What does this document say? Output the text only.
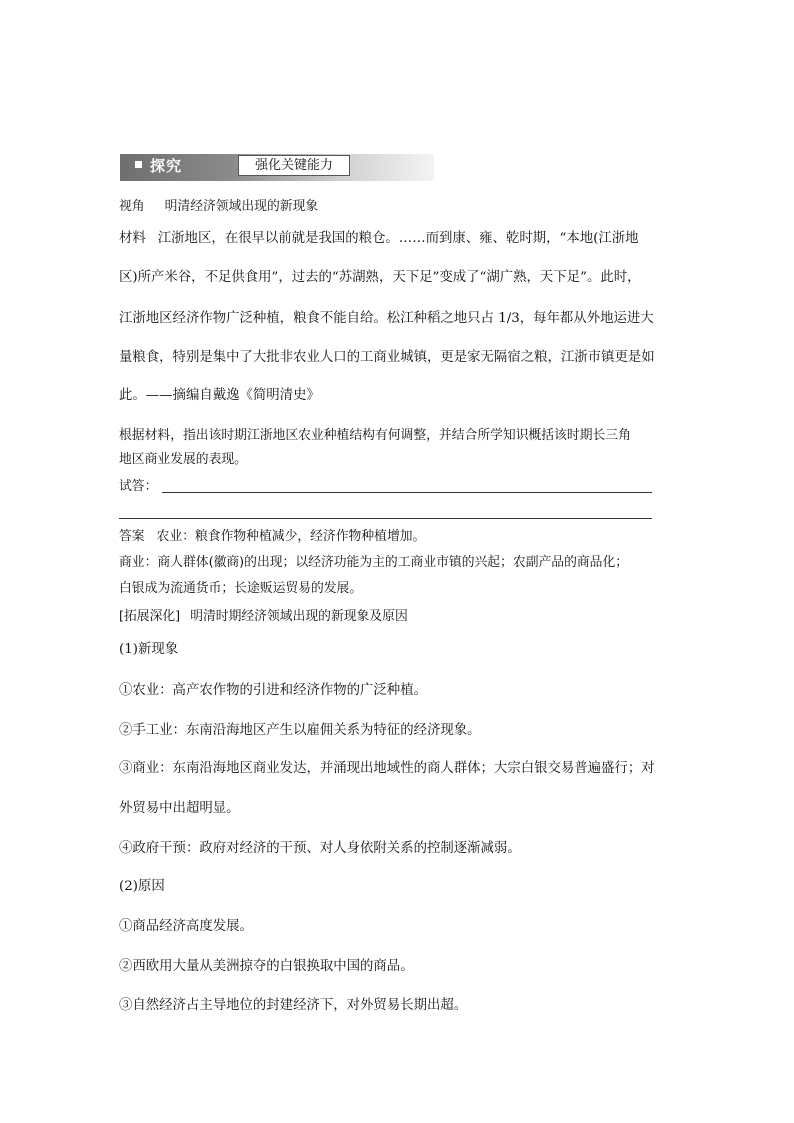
探究	强化关键能力
视角 明清经济领域出现的新现象
材料 江浙地区，在很早以前就是我国的粮仓。……而到康、雍、乾时期，“本地(江浙地
区)所产米谷，不足供食用”，过去的“苏湖熟，天下足”变成了“湖广熟，天下足”。此时，
江浙地区经济作物广泛种植，粮食不能自给。松江种稻之地只占 1/3，每年都从外地运进大
量粮食，特别是集中了大批非农业人口的工商业城镇，更是家无隔宿之粮，江浙市镇更是如
此。——摘编自戴逸《简明清史》
根据材料，指出该时期江浙地区农业种植结构有何调整，并结合所学知识概括该时期长三角
地区商业发展的表现。
试答：
答案 农业：粮食作物种植减少，经济作物种植增加。
商业：商人群体(徽商)的出现；以经济功能为主的工商业市镇的兴起；农副产品的商品化；
白银成为流通货币；长途贩运贸易的发展。
[拓展深化] 明清时期经济领域出现的新现象及原因
(1)新现象
①农业：高产农作物的引进和经济作物的广泛种植。
②手工业：东南沿海地区产生以雇佣关系为特征的经济现象。
③商业：东南沿海地区商业发达，并涌现出地域性的商人群体；大宗白银交易普遍盛行；对
外贸易中出超明显。
④政府干预：政府对经济的干预、对人身依附关系的控制逐渐减弱。
(2)原因
①商品经济高度发展。
②西欧用大量从美洲掠夺的白银换取中国的商品。
③自然经济占主导地位的封建经济下，对外贸易长期出超。
